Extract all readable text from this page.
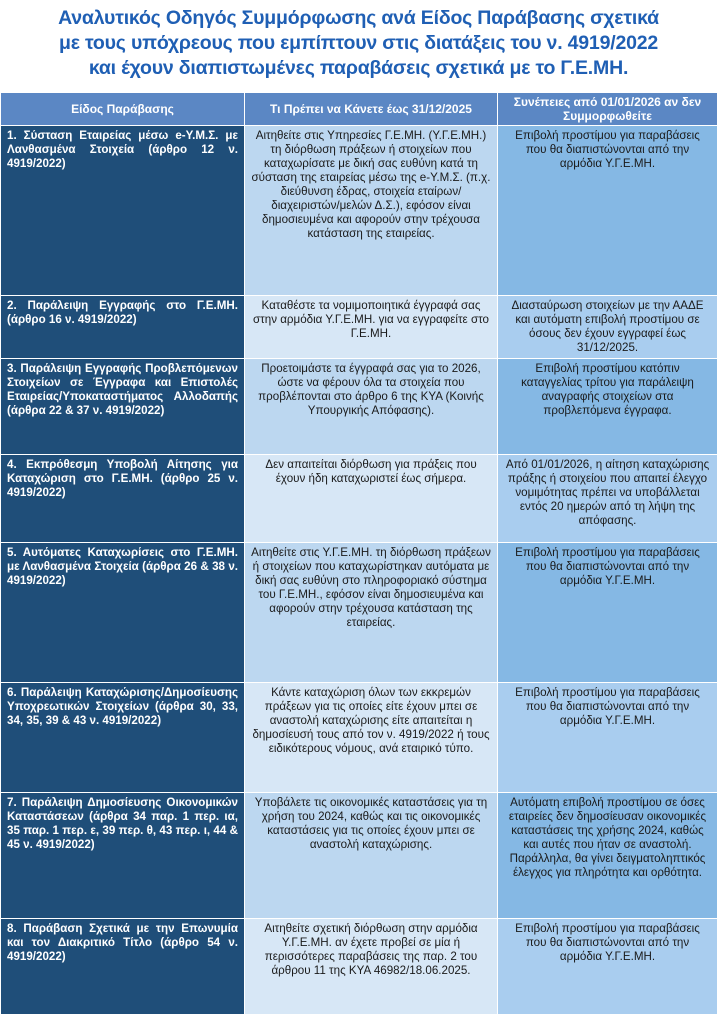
Αναλυτικός Οδηγός Συμμόρφωσης ανά Είδος Παράβασης σχετικά
με τους υπόχρεους που εμπίπτουν στις διατάξεις του ν. 4919/2022
και έχουν διαπιστωμένες παραβάσεις σχετικά με το Γ.Ε.ΜΗ.
Είδος Παράβασης	Τι Πρέπει να Κάνετε έως 31/12/2025	Συνέπειες από 01/01/2026 αν δεν Συμμορφωθείτε
1. Σύσταση Εταιρείας μέσω e-Υ.Μ.Σ. με Λανθασμένα Στοιχεία (άρθρο 12 ν. 4919/2022)	Αιτηθείτε στις Υπηρεσίες Γ.Ε.ΜΗ. (Υ.Γ.Ε.ΜΗ.) τη διόρθωση πράξεων ή στοιχείων που καταχωρίσατε με δική σας ευθύνη κατά τη σύσταση της εταιρείας μέσω της e-Υ.Μ.Σ. (π.χ. διεύθυνση έδρας, στοιχεία εταίρων/διαχειριστών/μελών Δ.Σ.), εφόσον είναι δημοσιευμένα και αφορούν στην τρέχουσα κατάσταση της εταιρείας.	Επιβολή προστίμου για παραβάσεις που θα διαπιστώνονται από την αρμόδια Υ.Γ.Ε.ΜΗ.
2. Παράλειψη Εγγραφής στο Γ.Ε.ΜΗ. (άρθρο 16 ν. 4919/2022)	Καταθέστε τα νομιμοποιητικά έγγραφά σας στην αρμόδια Υ.Γ.Ε.ΜΗ. για να εγγραφείτε στο Γ.Ε.ΜΗ.	Διασταύρωση στοιχείων με την ΑΑΔΕ και αυτόματη επιβολή προστίμου σε όσους δεν έχουν εγγραφεί έως 31/12/2025.
3. Παράλειψη Εγγραφής Προβλεπόμενων Στοιχείων σε Έγγραφα και Επιστολές Εταιρείας/Υποκαταστήματος Αλλοδαπής (άρθρα 22 & 37 ν. 4919/2022)	Προετοιμάστε τα έγγραφά σας για το 2026, ώστε να φέρουν όλα τα στοιχεία που προβλέπονται στο άρθρο 6 της ΚΥΑ (Κοινής Υπουργικής Απόφασης).	Επιβολή προστίμου κατόπιν καταγγελίας τρίτου για παράλειψη αναγραφής στοιχείων στα προβλεπόμενα έγγραφα.
4. Εκπρόθεσμη Υποβολή Αίτησης για Καταχώριση στο Γ.Ε.ΜΗ. (άρθρο 25 ν. 4919/2022)	Δεν απαιτείται διόρθωση για πράξεις που έχουν ήδη καταχωριστεί έως σήμερα.	Από 01/01/2026, η αίτηση καταχώρισης πράξης ή στοιχείου που απαιτεί έλεγχο νομιμότητας πρέπει να υποβάλλεται εντός 20 ημερών από τη λήψη της απόφασης.
5. Αυτόματες Καταχωρίσεις στο Γ.Ε.ΜΗ. με Λανθασμένα Στοιχεία (άρθρα 26 & 38 ν. 4919/2022)	Αιτηθείτε στις Υ.Γ.Ε.ΜΗ. τη διόρθωση πράξεων ή στοιχείων που καταχωρίστηκαν αυτόματα με δική σας ευθύνη στο πληροφοριακό σύστημα του Γ.Ε.ΜΗ., εφόσον είναι δημοσιευμένα και αφορούν στην τρέχουσα κατάσταση της εταιρείας.	Επιβολή προστίμου για παραβάσεις που θα διαπιστώνονται από την αρμόδια Υ.Γ.Ε.ΜΗ.
6. Παράλειψη Καταχώρισης/Δημοσίευσης Υποχρεωτικών Στοιχείων (άρθρα 30, 33, 34, 35, 39 & 43 ν. 4919/2022)	Κάντε καταχώριση όλων των εκκρεμών πράξεων για τις οποίες είτε έχουν μπει σε αναστολή καταχώρισης είτε απαιτείται η δημοσίευσή τους από τον ν. 4919/2022 ή τους ειδικότερους νόμους, ανά εταιρικό τύπο.	Επιβολή προστίμου για παραβάσεις που θα διαπιστώνονται από την αρμόδια Υ.Γ.Ε.ΜΗ.
7. Παράλειψη Δημοσίευσης Οικονομικών Καταστάσεων (άρθρα 34 παρ. 1 περ. ια, 35 παρ. 1 περ. ε, 39 περ. θ, 43 περ. ι, 44 & 45 ν. 4919/2022)	Υποβάλετε τις οικονομικές καταστάσεις για τη χρήση του 2024, καθώς και τις οικονομικές καταστάσεις για τις οποίες έχουν μπει σε αναστολή καταχώρισης.	Αυτόματη επιβολή προστίμου σε όσες εταιρείες δεν δημοσίευσαν οικονομικές καταστάσεις της χρήσης 2024, καθώς και αυτές που ήταν σε αναστολή. Παράλληλα, θα γίνει δειγματοληπτικός έλεγχος για πληρότητα και ορθότητα.
8. Παράβαση Σχετικά με την Επωνυμία και τον Διακριτικό Τίτλο (άρθρο 54 ν. 4919/2022)	Αιτηθείτε σχετική διόρθωση στην αρμόδια Υ.Γ.Ε.ΜΗ. αν έχετε προβεί σε μία ή περισσότερες παραβάσεις της παρ. 2 του άρθρου 11 της ΚΥΑ 46982/18.06.2025.	Επιβολή προστίμου για παραβάσεις που θα διαπιστώνονται από την αρμόδια Υ.Γ.Ε.ΜΗ.
